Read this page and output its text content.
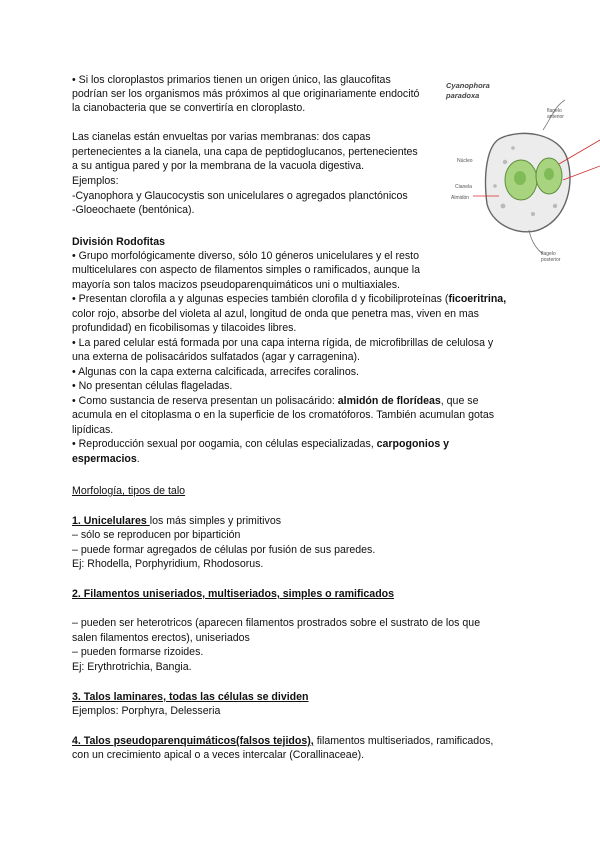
• Si los cloroplastos primarios tienen un origen único, las glaucofitas
podrían ser los organismos más próximos al que originariamente endocitó
la cianobacteria que se convertiría en cloroplasto.
Las cianelas están envueltas por varias membranas: dos capas
pertenecientes a la cianela, una capa de peptidoglucanos, pertenecientes
a su antigua pared y por la membrana de la vacuola digestiva.
Ejemplos:
-Cyanophora y Glaucocystis son unicelulares o agregados planctónicos
-Gloeochaete (bentónica).
Cyanophora
paradoxa
flagelo
anterior
Núcleo
Cianela
Almidón
flagelo
posterior
División Rodofitas
• Grupo morfológicamente diverso, sólo 10 géneros unicelulares y el resto
multicelulares con aspecto de filamentos simples o ramificados, aunque la
mayoría son talos macizos pseudoparenquimáticos uni o multiaxiales.
• Presentan clorofila a y algunas especies también clorofila d y ficobiliproteínas (ficoeritrina,
color rojo, absorbe del violeta al azul, longitud de onda que penetra mas, viven en mas
profundidad) en ficobilisomas y tilacoides libres.
• La pared celular está formada por una capa interna rígida, de microfibrillas de celulosa y
una externa de polisacáridos sulfatados (agar y carragenina).
• Algunas con la capa externa calcificada, arrecifes coralinos.
• No presentan células flageladas.
• Como sustancia de reserva presentan un polisacárido: almidón de florídeas, que se
acumula en el citoplasma o en la superficie de los cromatóforos. También acumulan gotas
lipídicas.
• Reproducción sexual por oogamia, con células especializadas, carpogonios y
espermacios.
Morfología, tipos de talo
1. Unicelulares los más simples y primitivos
– sólo se reproducen por bipartición
– puede formar agregados de células por fusión de sus paredes.
Ej: Rhodella, Porphyridium, Rhodosorus.
2. Filamentos uniseriados, multiseriados, simples o ramificados
– pueden ser heterotricos (aparecen filamentos prostrados sobre el sustrato de los que
salen filamentos erectos), uniseriados
– pueden formarse rizoides.
Ej: Erythrotrichia, Bangia.
3. Talos laminares, todas las células se dividen
Ejemplos: Porphyra, Delesseria
4. Talos pseudoparenquimáticos(falsos tejidos), filamentos multiseriados, ramificados,
con un crecimiento apical o a veces intercalar (Corallinaceae).
